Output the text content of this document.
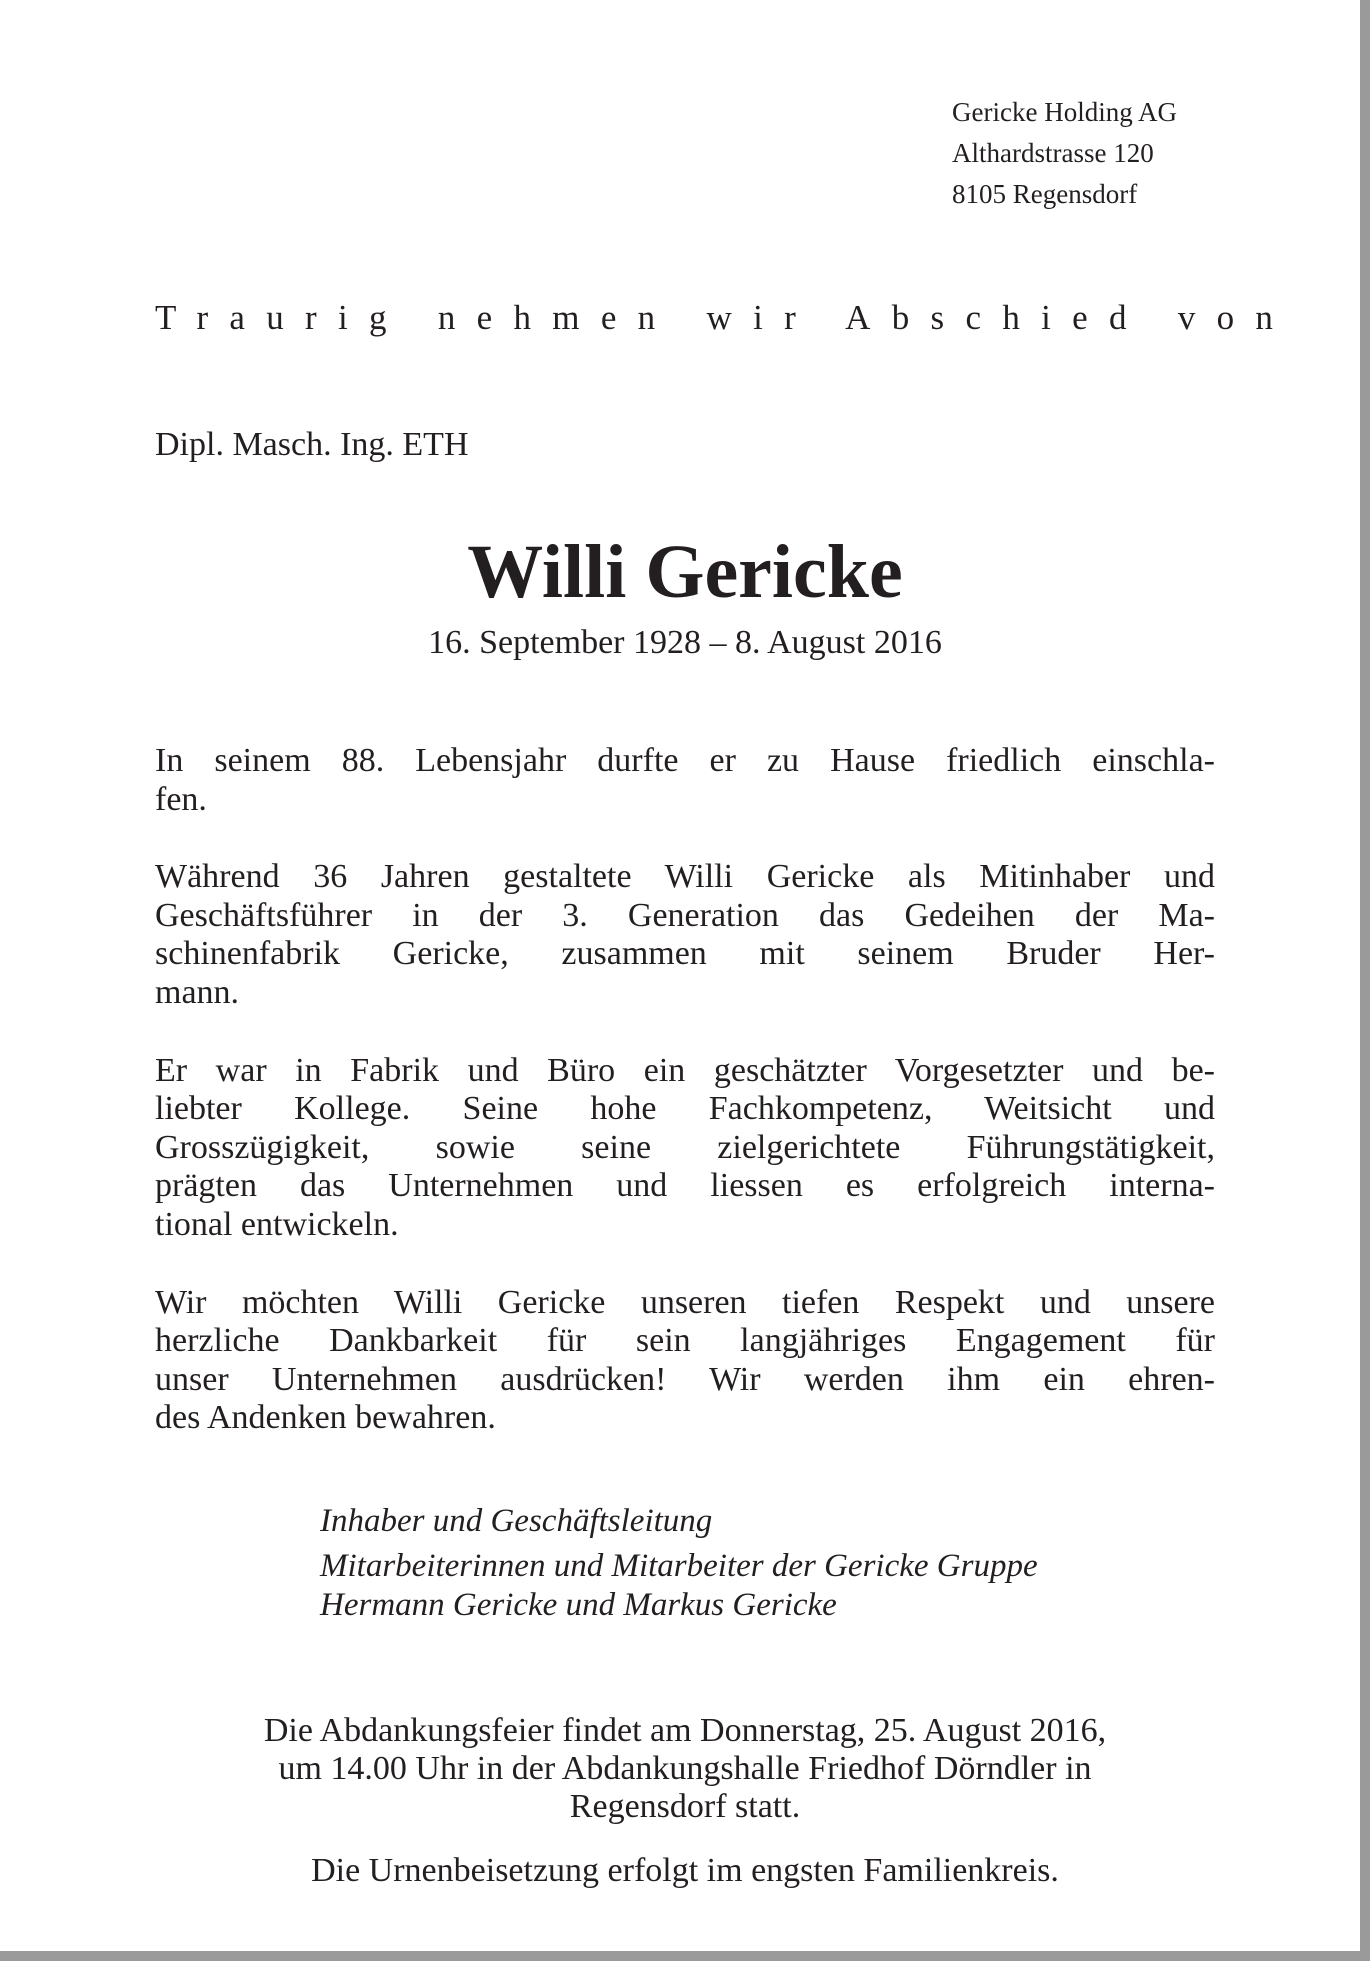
Gericke Holding AG
Althardstrasse 120
8105 Regensdorf
Traurig nehmen wir Abschied von
Dipl. Masch. Ing. ETH
Willi Gericke
16. September 1928 – 8. August 2016
In seinem 88. Lebensjahr durfte er zu Hause friedlich einschla-
fen.
Während 36 Jahren gestaltete Willi Gericke als Mitinhaber und
Geschäftsführer in der 3. Generation das Gedeihen der Ma-
schinenfabrik Gericke, zusammen mit seinem Bruder Her-
mann.
Er war in Fabrik und Büro ein geschätzter Vorgesetzter und be-
liebter Kollege. Seine hohe Fachkompetenz, Weitsicht und
Grosszügigkeit, sowie seine zielgerichtete Führungstätigkeit,
prägten das Unternehmen und liessen es erfolgreich interna-
tional entwickeln.
Wir möchten Willi Gericke unseren tiefen Respekt und unsere
herzliche Dankbarkeit für sein langjähriges Engagement für
unser Unternehmen ausdrücken! Wir werden ihm ein ehren-
des Andenken bewahren.
Inhaber und Geschäftsleitung
Mitarbeiterinnen und Mitarbeiter der Gericke Gruppe
Hermann Gericke und Markus Gericke
Die Abdankungsfeier findet am Donnerstag, 25. August 2016,
um 14.00 Uhr in der Abdankungshalle Friedhof Dörndler in
Regensdorf statt.
Die Urnenbeisetzung erfolgt im engsten Familienkreis.
